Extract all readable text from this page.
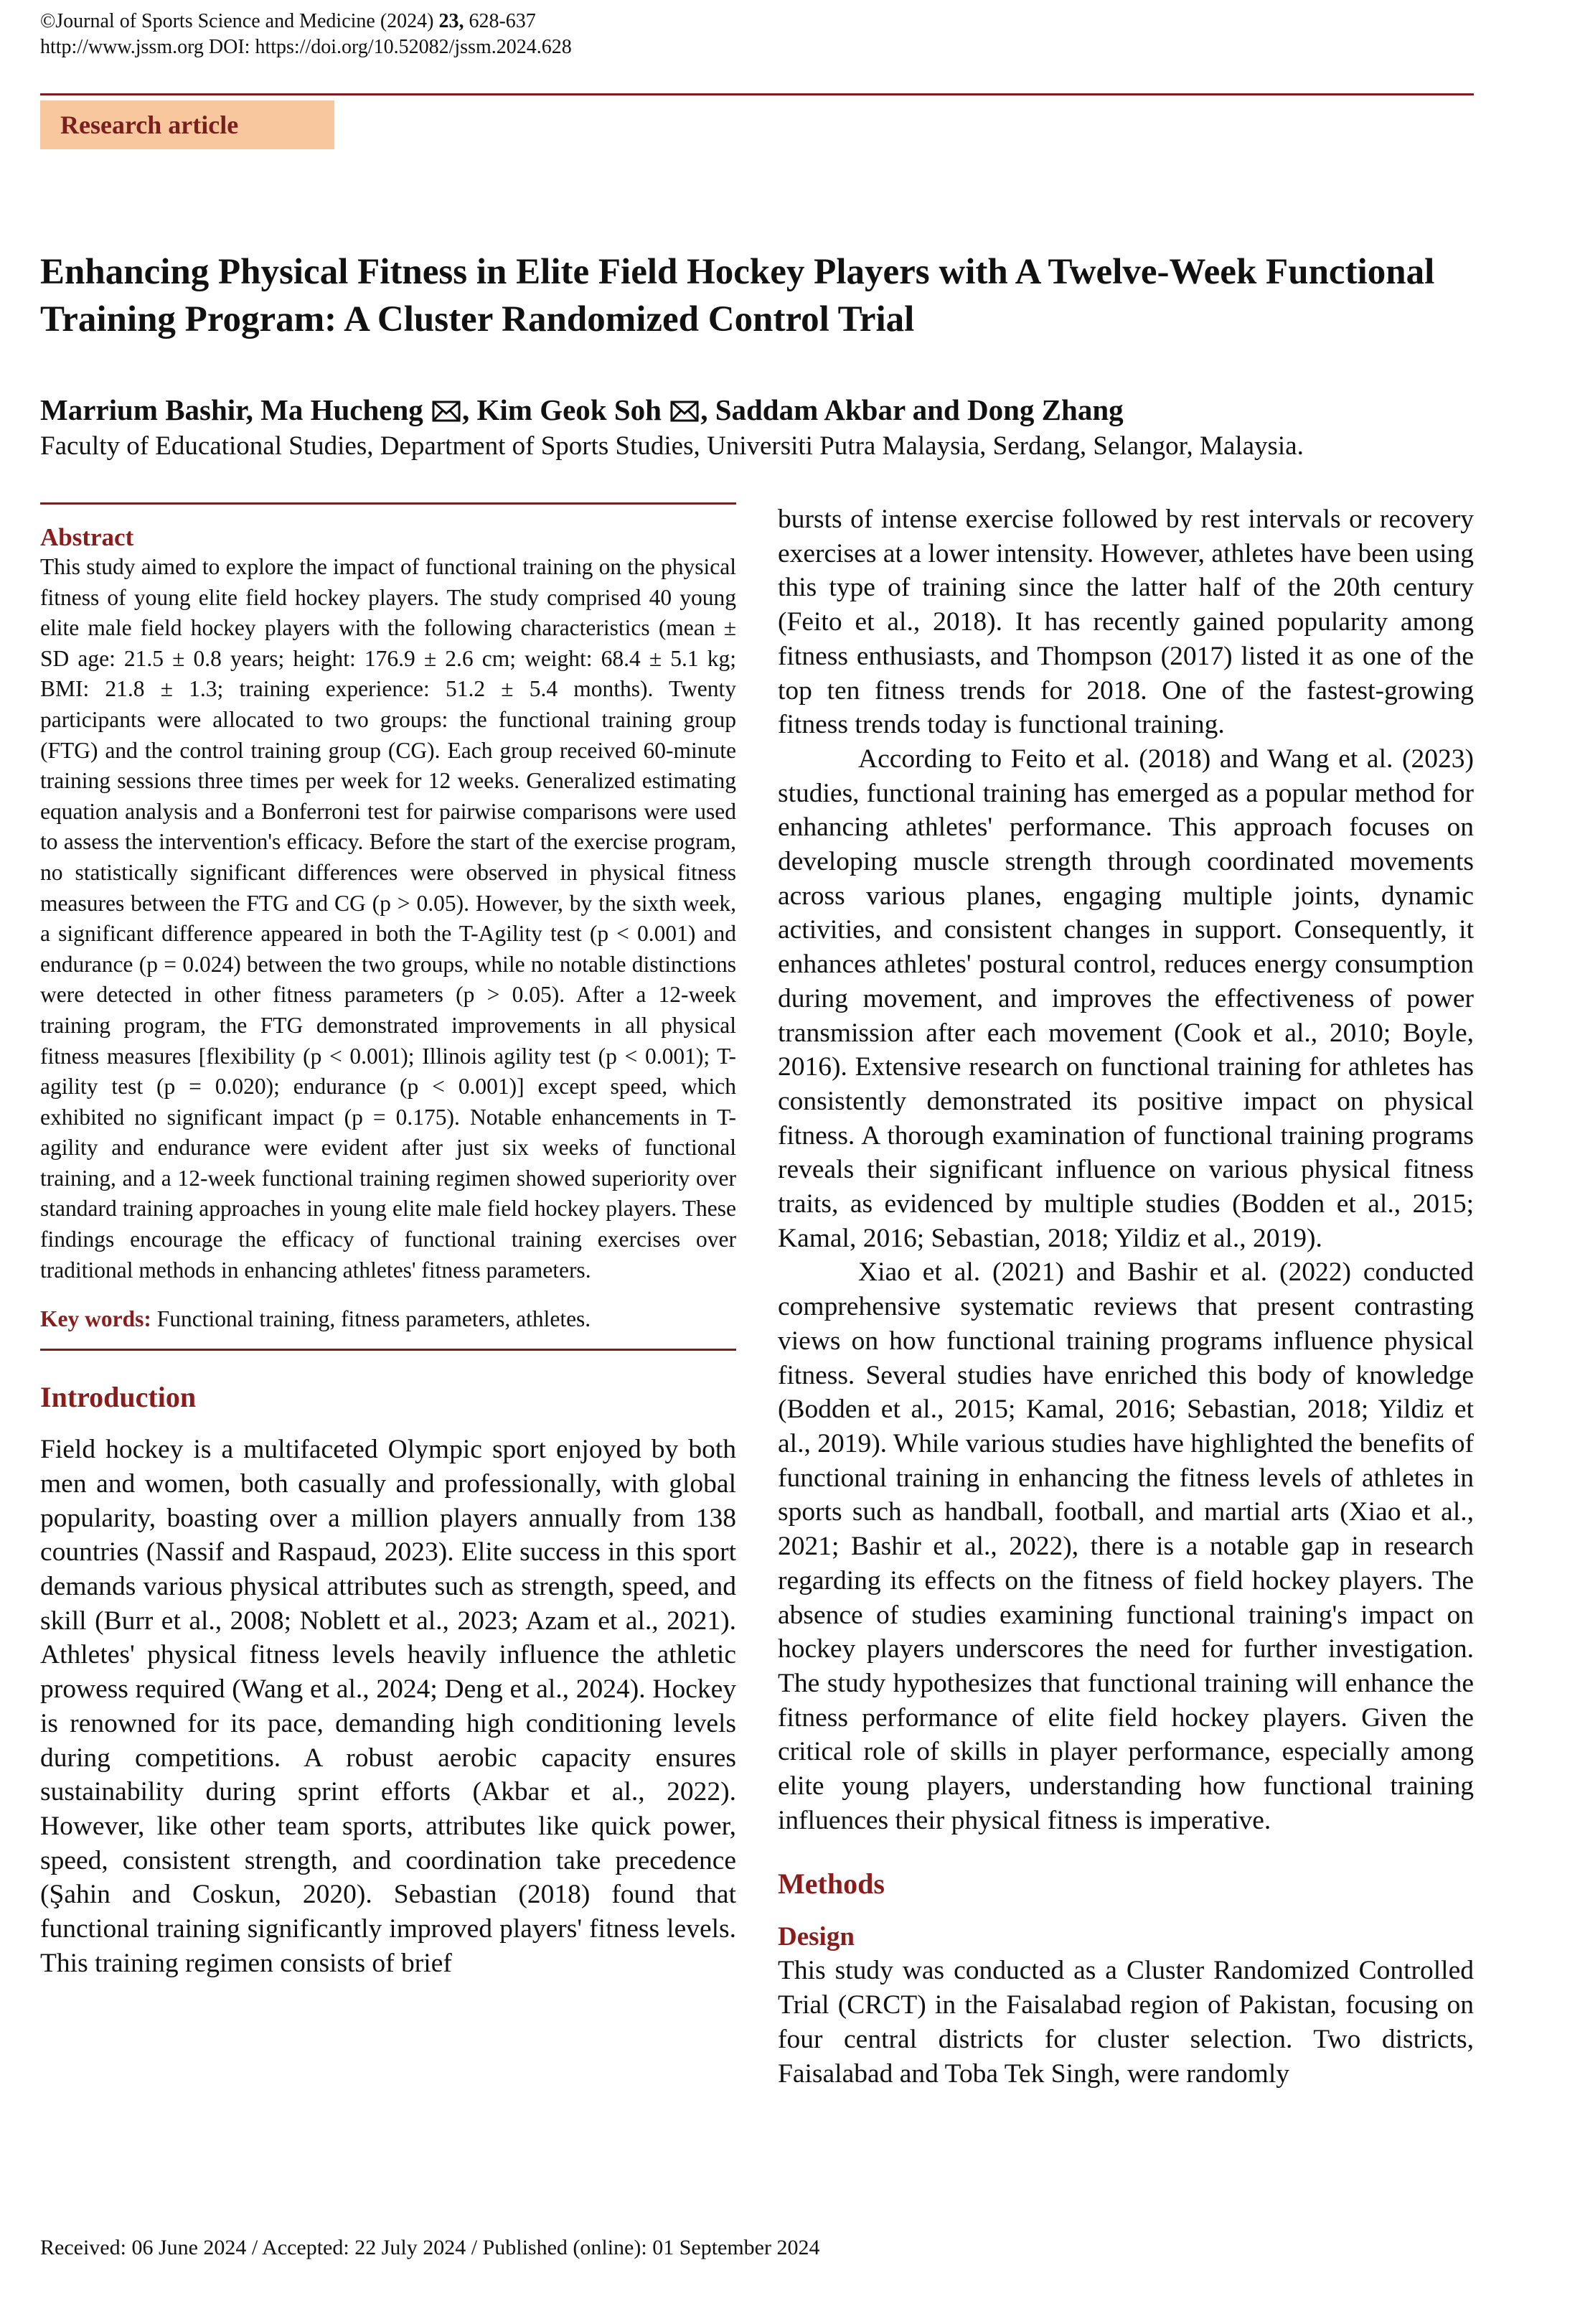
©Journal of Sports Science and Medicine (2024) 23, 628-637
http://www.jssm.org DOI: https://doi.org/10.52082/jssm.2024.628
Research article
Enhancing Physical Fitness in Elite Field Hockey Players with A Twelve-Week Functional Training Program: A Cluster Randomized Control Trial
Marrium Bashir, Ma Hucheng , Kim Geok Soh , Saddam Akbar and Dong Zhang
Faculty of Educational Studies, Department of Sports Studies, Universiti Putra Malaysia, Serdang, Selangor, Malaysia.
Abstract

This study aimed to explore the impact of functional training on the physical fitness of young elite field hockey players. The study comprised 40 young elite male field hockey players with the following characteristics (mean ± SD age: 21.5 ± 0.8 years; height: 176.9 ± 2.6 cm; weight: 68.4 ± 5.1 kg; BMI: 21.8 ± 1.3; training experience: 51.2 ± 5.4 months). Twenty participants were allocated to two groups: the functional training group (FTG) and the control training group (CG). Each group received 60-minute training sessions three times per week for 12 weeks. Generalized estimating equation analysis and a Bonferroni test for pairwise comparisons were used to assess the intervention's efficacy. Before the start of the exercise program, no statistically significant differences were observed in physical fitness measures between the FTG and CG (p > 0.05). However, by the sixth week, a significant difference appeared in both the T-Agility test (p < 0.001) and endurance (p = 0.024) between the two groups, while no notable distinctions were detected in other fitness parameters (p > 0.05). After a 12-week training program, the FTG demonstrated improvements in all physical fitness measures [flexibility (p < 0.001); Illinois agility test (p < 0.001); T-agility test (p = 0.020); endurance (p < 0.001)] except speed, which exhibited no significant impact (p = 0.175). Notable enhancements in T-agility and endurance were evident after just six weeks of functional training, and a 12-week functional training regimen showed superiority over standard training approaches in young elite male field hockey players. These findings encourage the efficacy of functional training exercises over traditional methods in enhancing athletes' fitness parameters.

Key words: Functional training, fitness parameters, athletes.
Introduction

Field hockey is a multifaceted Olympic sport enjoyed by both men and women, both casually and professionally, with global popularity, boasting over a million players annually from 138 countries (Nassif and Raspaud, 2023). Elite success in this sport demands various physical attributes such as strength, speed, and skill (Burr et al., 2008; Noblett et al., 2023; Azam et al., 2021). Athletes' physical fitness levels heavily influence the athletic prowess required (Wang et al., 2024; Deng et al., 2024). Hockey is renowned for its pace, demanding high conditioning levels during competitions. A robust aerobic capacity ensures sustainability during sprint efforts (Akbar et al., 2022). However, like other team sports, attributes like quick power, speed, consistent strength, and coordination take precedence (Şahin and Coskun, 2020). Sebastian (2018) found that functional training significantly improved players' fitness levels. This training regimen consists of brief

bursts of intense exercise followed by rest intervals or recovery exercises at a lower intensity. However, athletes have been using this type of training since the latter half of the 20th century (Feito et al., 2018). It has recently gained popularity among fitness enthusiasts, and Thompson (2017) listed it as one of the top ten fitness trends for 2018. One of the fastest-growing fitness trends today is functional training.

According to Feito et al. (2018) and Wang et al. (2023) studies, functional training has emerged as a popular method for enhancing athletes' performance. This approach focuses on developing muscle strength through coordinated movements across various planes, engaging multiple joints, dynamic activities, and consistent changes in support. Consequently, it enhances athletes' postural control, reduces energy consumption during movement, and improves the effectiveness of power transmission after each movement (Cook et al., 2010; Boyle, 2016). Extensive research on functional training for athletes has consistently demonstrated its positive impact on physical fitness. A thorough examination of functional training programs reveals their significant influence on various physical fitness traits, as evidenced by multiple studies (Bodden et al., 2015; Kamal, 2016; Sebastian, 2018; Yildiz et al., 2019).

Xiao et al. (2021) and Bashir et al. (2022) conducted comprehensive systematic reviews that present contrasting views on how functional training programs influence physical fitness. Several studies have enriched this body of knowledge (Bodden et al., 2015; Kamal, 2016; Sebastian, 2018; Yildiz et al., 2019). While various studies have highlighted the benefits of functional training in enhancing the fitness levels of athletes in sports such as handball, football, and martial arts (Xiao et al., 2021; Bashir et al., 2022), there is a notable gap in research regarding its effects on the fitness of field hockey players. The absence of studies examining functional training's impact on hockey players underscores the need for further investigation. The study hypothesizes that functional training will enhance the fitness performance of elite field hockey players. Given the critical role of skills in player performance, especially among elite young players, understanding how functional training influences their physical fitness is imperative.

Methods
Design

This study was conducted as a Cluster Randomized Controlled Trial (CRCT) in the Faisalabad region of Pakistan, focusing on four central districts for cluster selection. Two districts, Faisalabad and Toba Tek Singh, were randomly

Received: 06 June 2024 / Accepted: 22 July 2024 / Published (online): 01 September 2024
